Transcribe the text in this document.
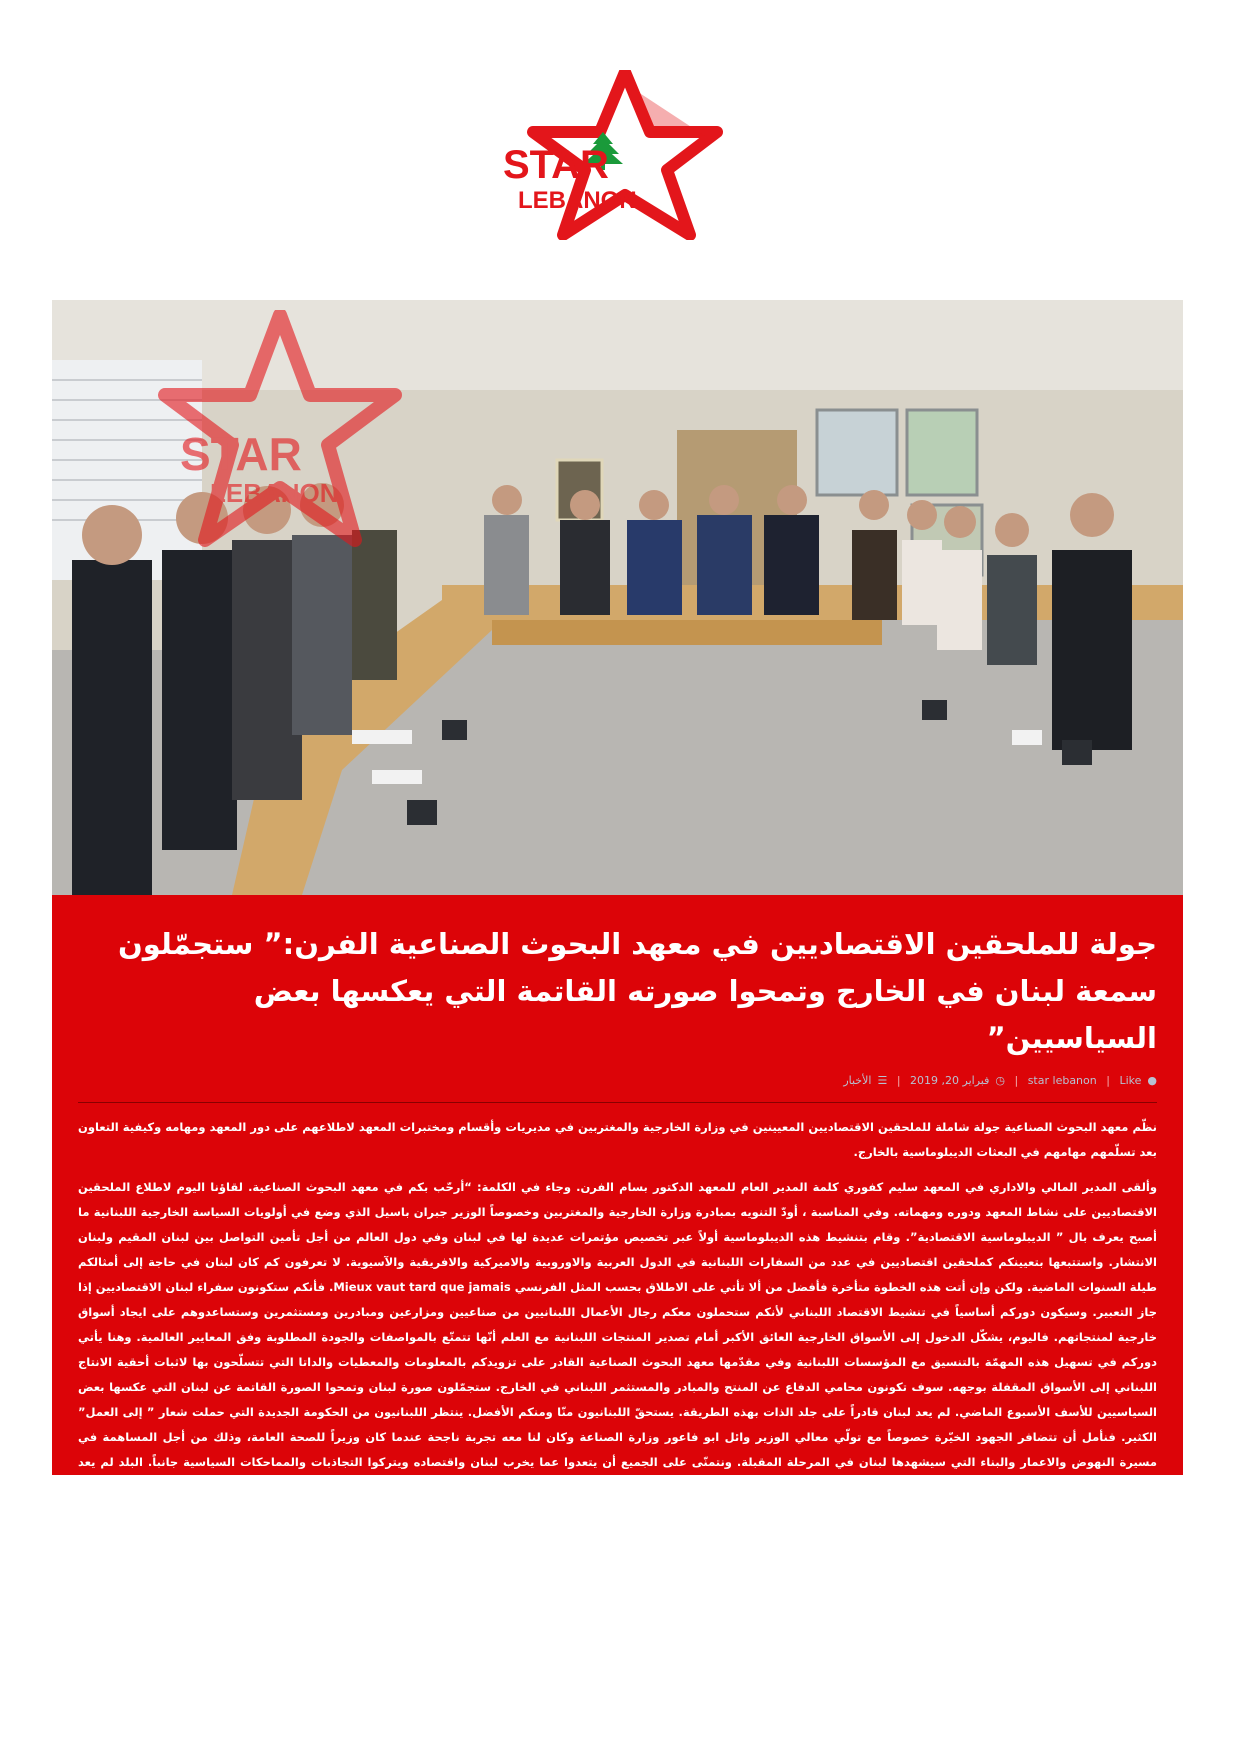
STAR
LEBANON
STAR
LEBANON
جولة للملحقين الاقتصاديين في معهد البحوث الصناعية الفرن:” ستجمّلون سمعة لبنان في الخارج وتمحوا صورته القاتمة التي يعكسها بعض السياسيين”
●star lebanon | Like | ◷فبراير 20, 2019 | ☰الأخبار

نظّم معهد البحوث الصناعية جولة شاملة للملحقين الاقتصاديين المعيينين في وزارة الخارجية والمغتربين في مديريات وأقسام ومختبرات المعهد لاطلاعهم على دور المعهد ومهامه وكيفية التعاون بعد تسلّمهم مهامهم في البعثات الديبلوماسية بالخارج.

وألقى المدير المالي والاداري في المعهد سليم كفوري كلمة المدير العام للمعهد الدكتور بسام الفرن. وجاء في الكلمة: “أرحّب بكم في معهد البحوث الصناعية. لقاؤنا اليوم لاطلاع الملحقين الاقتصاديين على نشاط المعهد ودوره ومهماته. وفي المناسبة ، أودّ التنويه بمبادرة وزارة الخارجية والمغتربين وخصوصاً الوزير جبران باسيل الذي وضع في أولويات السياسة الخارجية اللبنانية ما أصبح يعرف بال ” الديبلوماسية الاقتصادية”. وقام بتنشيط هذه الديبلوماسية أولاً عبر تخصيص مؤتمرات عديدة لها في لبنان وفي دول العالم من أجل تأمين التواصل بين لبنان المقيم ولبنان الانتشار. واستتبعها بتعيينكم كملحقين اقتصاديين في عدد من السفارات اللبنانية في الدول العربية والاوروبية والاميركية والافريقية والآسيوية. لا تعرفون كم كان لبنان في حاجة إلى أمثالكم طيلة السنوات الماضية. ولكن وإن أتت هذه الخطوة متأخرة فأفضل من ألا تأتي على الاطلاق بحسب المثل الفرنسي Mieux vaut tard que jamais. فأنكم ستكونون سفراء لبنان الاقتصاديين إذا جاز التعبير. وسيكون دوركم أساسياً في تنشيط الاقتصاد اللبناني لأنكم ستحملون معكم رجال الأعمال اللبنانيين من صناعيين ومزارعين ومبادرين ومستثمرين وستساعدوهم على ايجاد أسواق خارجية لمنتجاتهم. فاليوم، يشكّل الدخول إلى الأسواق الخارجية العائق الأكبر أمام تصدير المنتجات اللبنانية مع العلم أنّها تتمتّع بالمواصفات والجودة المطلوبة وفق المعايير العالمية. وهنا يأتي دوركم في تسهيل هذه المهمّة بالتنسيق مع المؤسسات اللبنانية وفي مقدّمها معهد البحوث الصناعية القادر على تزويدكم بالمعلومات والمعطيات والداتا التي تتسلّحون بها لاثبات أحقية الانتاج اللبناني إلى الأسواق المقفلة بوجهه. سوف تكونون محامي الدفاع عن المنتج والمبادر والمستثمر اللبناني في الخارج. ستجمّلون صورة لبنان وتمحوا الصورة القاتمة عن لبنان التي عكسها بعض السياسيين للأسف الأسبوع الماضي. لم يعد لبنان قادراً على جلد الذات بهذه الطريقة. يستحقّ اللبنانيون منّا ومنكم الأفضل. ينتظر اللبنانيون من الحكومة الجديدة التي حملت شعار ” إلى العمل” الكثير. فنأمل أن تتضافر الجهود الخيّرة خصوصاً مع تولّي معالي الوزير وائل ابو فاعور وزارة الصناعة وكان لنا معه تجربة ناجحة عندما كان وزيراً للصحة العامة، وذلك من أجل المساهمة في مسيرة النهوض والاعمار والبناء التي سيشهدها لبنان في المرحلة المقبلة. ونتمنّى على الجميع أن يتعدوا عما يخرب لبنان واقتصاده ويتركوا التجاذبات والمماحكات السياسية جانباً. البلد لم يعد يحتمل، والأزمة الاقتصادية والاجتماعية كبيرة جداً ولكن بالعمل المشترك والنيات الصافية والمبادرات المقدامة سوف يتخطى لبنان الصعاب.أتمنّى لكم النجاح والتوفيق في مهمّاتكم الجديدة، وكونوا على ثقة أن معهد البحوث الصناعية بادارته وكوادره والعاملين فيه سيكونوا على أتمّ الاستعداد للتعاون الكامل معكم خدمة للبنان وللاقتصاد اللبناني وصحة وسلامة أبنائه.
